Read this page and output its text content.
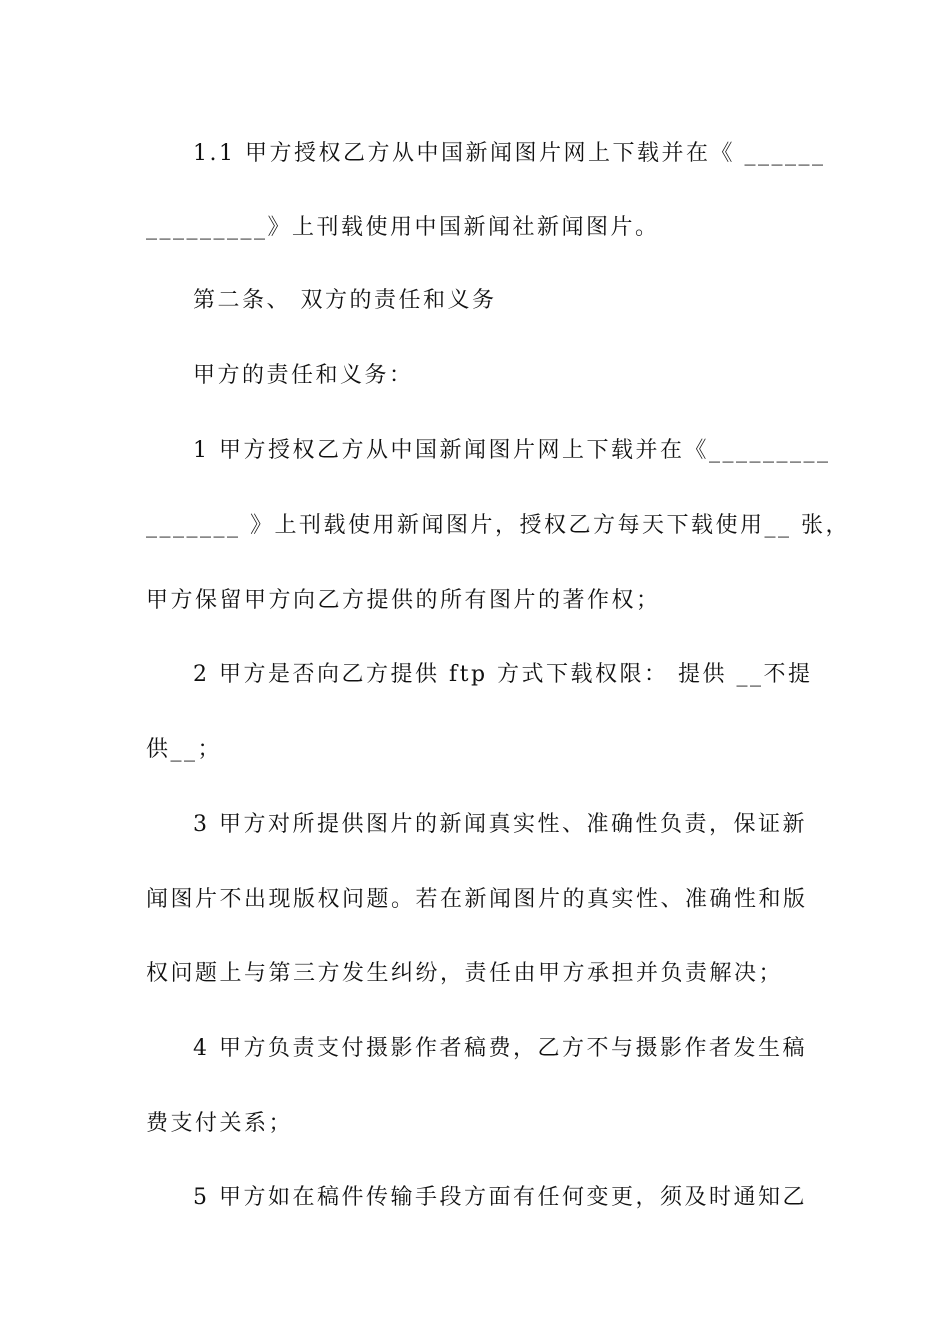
1.1 甲方授权乙方从中国新闻图片网上下载并在《 ______
_________》上刊载使用中国新闻社新闻图片。
第二条、 双方的责任和义务
甲方的责任和义务：
1 甲方授权乙方从中国新闻图片网上下载并在《_________
_______ 》上刊载使用新闻图片，授权乙方每天下载使用__ 张，
甲方保留甲方向乙方提供的所有图片的著作权；
2 甲方是否向乙方提供 ftp 方式下载权限： 提供 __不提
供__；
3 甲方对所提供图片的新闻真实性、准确性负责，保证新
闻图片不出现版权问题。若在新闻图片的真实性、准确性和版
权问题上与第三方发生纠纷，责任由甲方承担并负责解决；
4 甲方负责支付摄影作者稿费，乙方不与摄影作者发生稿
费支付关系；
5 甲方如在稿件传输手段方面有任何变更，须及时通知乙
